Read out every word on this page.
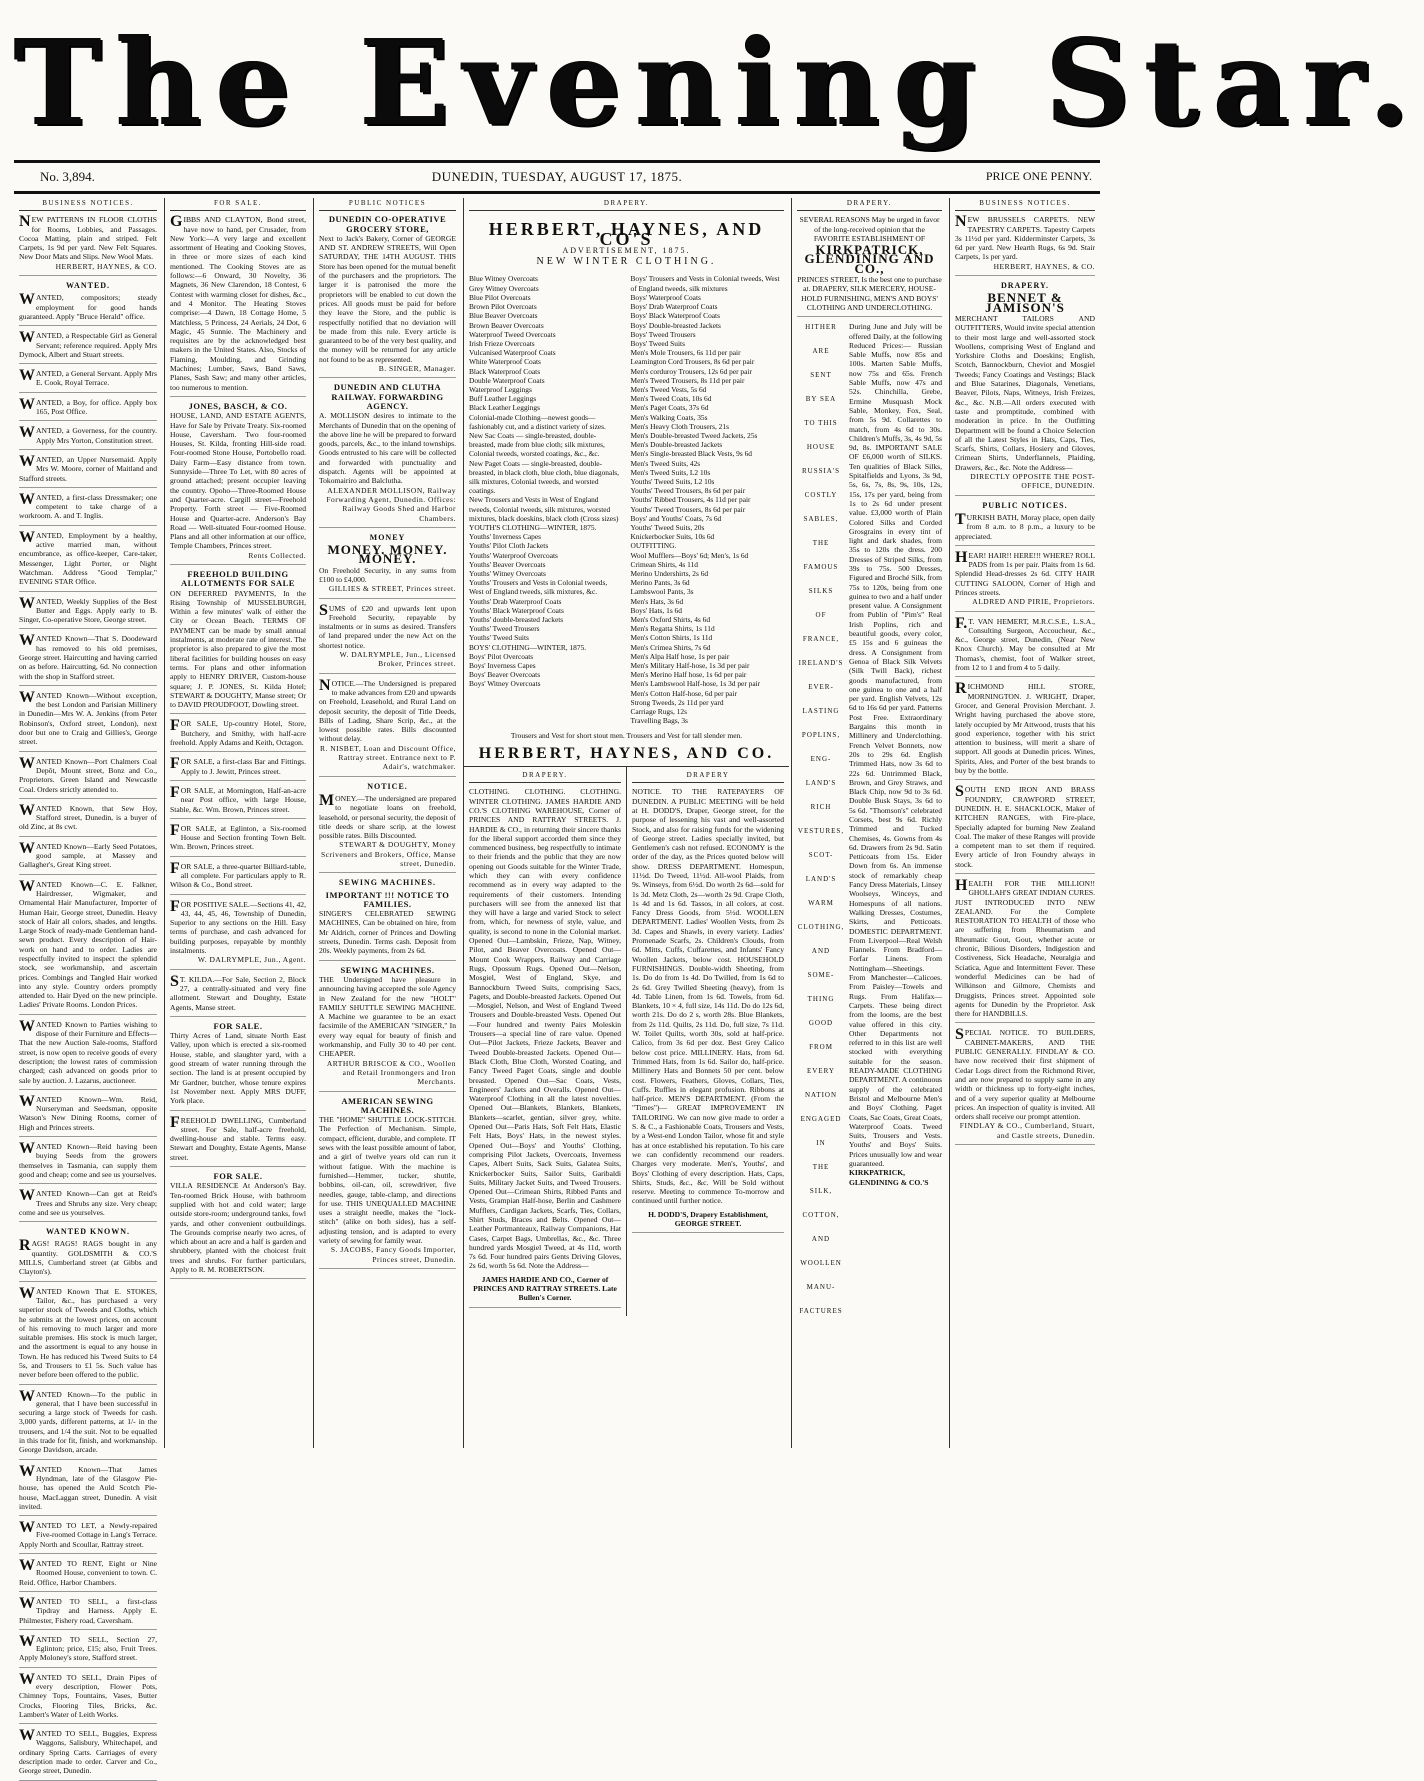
The Evening Star.
No. 3,894.	DUNEDIN, TUESDAY, AUGUST 17, 1875.	PRICE ONE PENNY.
BUSINESS NOTICES.
NEW PATTERNS IN FLOOR CLOTHS for Rooms, Lobbies, and Passages. Cocoa Matting, plain and striped. Felt Carpets, 1s 9d per yard. New Felt Squares. New Door Mats and Slips. New Wool Mats.
HERBERT, HAYNES, & CO.
WANTED.
WANTED, compositors; steady employment for good hands guaranteed. Apply "Bruce Herald" office.
WANTED, a Respectable Girl as General Servant; reference required. Apply Mrs Dymock, Albert and Stuart streets.
WANTED, a General Servant. Apply Mrs E. Cook, Royal Terrace.
WANTED, a Boy, for office. Apply box 165, Post Office.
WANTED, a Governess, for the country. Apply Mrs Yorton, Constitution street.
WANTED, an Upper Nursemaid. Apply Mrs W. Moore, corner of Maitland and Stafford streets.
WANTED, a first-class Dressmaker; one competent to take charge of a workroom. A. and T. Inglis.
WANTED, Employment by a healthy, active married man, without encumbrance, as office-keeper, Care-taker, Messenger, Light Porter, or Night Watchman. Address "Good Templar," EVENING STAR Office.
WANTED, Weekly Supplies of the Best Butter and Eggs. Apply early to B. Singer, Co-operative Store, George street.
WANTED Known—That S. Doodeward has removed to his old premises, George street. Haircutting and having carried on as before. Haircutting, 6d. No connection with the shop in Stafford street.
WANTED Known—Without exception, the best London and Parisian Millinery in Dunedin—Mrs W. A. Jenkins (from Peter Robinson's, Oxford street, London), next door but one to Craig and Gillies's, George street.
WANTED Known—Port Chalmers Coal Depôt, Mount street, Bonz and Co., Proprietors. Green Island and Newcastle Coal. Orders strictly attended to.
WANTED Known, that Sew Hoy, Stafford street, Dunedin, is a buyer of old Zinc, at 8s cwt.
WANTED Known—Early Seed Potatoes, good sample, at Massey and Gallagher's, Great King street.
WANTED Known—C. E. Falkner, Hairdresser, Wigmaker, and Ornamental Hair Manufacturer, Importer of Human Hair, George street, Dunedin. Heavy stock of Hair all colors, shades, and lengths. Large Stock of ready-made Gentleman hand-sewn product. Every description of Hair-work on hand and to order. Ladies are respectfully invited to inspect the splendid stock, see workmanship, and ascertain prices. Combings and Tangled Hair worked into any style. Country orders promptly attended to. Hair Dyed on the new principle. Ladies' Private Rooms. London Prices.
WANTED Known to Parties wishing to dispose of their Furniture and Effects—That the new Auction Sale-rooms, Stafford street, is now open to receive goods of every description; the lowest rates of commission charged; cash advanced on goods prior to sale by auction. J. Lazarus, auctioneer.
WANTED Known—Wm. Reid, Nurseryman and Seedsman, opposite Watson's New Dining Rooms, corner of High and Princes streets.
WANTED Known—Reid having been buying Seeds from the growers themselves in Tasmania, can supply them good and cheap; come and see us yourselves.
WANTED Known—Can get at Reid's Trees and Shrubs any size. Very cheap; come and see us yourselves.
WANTED KNOWN.
RAGS! RAGS! RAGS bought in any quantity. GOLDSMITH & CO.'S MILLS, Cumberland street (at Gibbs and Clayton's).
WANTED Known That E. STOKES, Tailor, &c., has purchased a very superior stock of Tweeds and Cloths, which he submits at the lowest prices, on account of his removing to much larger and more suitable premises. His stock is much larger, and the assortment is equal to any house in Town. He has reduced his Tweed Suits to £4 5s, and Trousers to £1 5s. Such value has never before been offered to the public.
WANTED Known—To the public in general, that I have been successful in securing a large stock of Tweeds for cash. 3,000 yards, different patterns, at 1/- in the trousers, and 1/4 the suit. Not to be equalled in this trade for fit, finish, and workmanship. George Davidson, arcade.
WANTED Known—That James Hyndman, late of the Glasgow Pie-house, has opened the Auld Scotch Pie-house, MacLaggan street, Dunedin. A visit invited.
WANTED TO LET, a Newly-repaired Five-roomed Cottage in Lang's Terrace. Apply North and Scoullar, Rattray street.
WANTED TO RENT, Eight or Nine Roomed House, convenient to town. C. Reid. Office, Harbor Chambers.
WANTED TO SELL, a first-class Tipdray and Harness. Apply E. Philmester, Fishery road, Caversham.
WANTED TO SELL, Section 27, Eglinton; price, £15; also, Fruit Trees. Apply Moloney's store, Stafford street.
WANTED TO SELL, Drain Pipes of every description, Flower Pots, Chimney Tops, Fountains, Vases, Butter Crocks, Flooring Tiles, Bricks, &c. Lambert's Water of Leith Works.
WANTED TO SELL, Buggies, Express Waggons, Salisbury, Whitechapel, and ordinary Spring Carts. Carriages of every description made to order. Carver and Co., George street, Dunedin.
FOR SALE.
GIBBS AND CLAYTON, Bond street, have now to hand, per Crusader, from New York:—A very large and excellent assortment of Heating and Cooking Stoves, in three or more sizes of each kind mentioned. The Cooking Stoves are as follows:—6 Onward, 30 Novelty, 36 Magnets, 36 New Clarendon, 18 Contest, 6 Contest with warming closet for dishes, &c., and 4 Monitor. The Heating Stoves comprise:—4 Dawn, 18 Cottage Home, 5 Matchless, 5 Princess, 24 Aerials, 24 Dot, 6 Magic, 45 Sunnie. The Machinery and requisites are by the acknowledged best makers in the United States. Also, Stocks of Flaming, Moulding, and Grinding Machines; Lumber, Saws, Band Saws, Planes, Sash Saw; and many other articles, too numerous to mention.
JONES, BASCH, & CO.
HOUSE, LAND, AND ESTATE AGENTS, Have for Sale by Private Treaty. Six-roomed House, Caversham. Two four-roomed Houses, St. Kilda, fronting Hill-side road. Four-roomed Stone House, Portobello road. Dairy Farm—Easy distance from town. Sunnyside—Three To Let, with 80 acres of ground attached; present occupier leaving the country. Opoho—Three-Roomed House and Quarter-acre. Cargill street—Freehold Property. Forth street — Five-Roomed House and Quarter-acre. Anderson's Bay Road — Well-situated Four-roomed House. Plans and all other information at our office, Temple Chambers, Princes street.
Rents Collected.
FREEHOLD BUILDING ALLOTMENTS FOR SALE
ON DEFERRED PAYMENTS, In the Rising Township of MUSSELBURGH, Within a few minutes' walk of either the City or Ocean Beach. TERMS OF PAYMENT can be made by small annual instalments, at moderate rate of interest. The proprietor is also prepared to give the most liberal facilities for building houses on easy terms. For plans and other information apply to HENRY DRIVER, Custom-house square; J. P. JONES, St. Kilda Hotel; STEWART & DOUGHTY, Manse street; Or to DAVID PROUDFOOT, Dowling street.
FOR SALE, Up-country Hotel, Store, Butchery, and Smithy, with half-acre freehold. Apply Adams and Keith, Octagon.
FOR SALE, a first-class Bar and Fittings. Apply to J. Jewitt, Princes street.
FOR SALE, at Mornington, Half-an-acre near Post office, with large House, Stable, &c. Wm. Brown, Princes street.
FOR SALE, at Eglinton, a Six-roomed House and Section fronting Town Belt. Wm. Brown, Princes street.
FOR SALE, a three-quarter Billiard-table, all complete. For particulars apply to R. Wilson & Co., Bond street.
FOR POSITIVE SALE.—Sections 41, 42, 43, 44, 45, 46, Township of Dunedin, Superior to any sections on the Hill. Easy terms of purchase, and cash advanced for building purposes, repayable by monthly instalments.
W. DALRYMPLE, Jun., Agent.
ST. KILDA.—For Sale, Section 2, Block 27, a centrally-situated and very fine allotment. Stewart and Doughty, Estate Agents, Manse street.
FOR SALE.
Thirty Acres of Land, situate North East Valley, upon which is erected a six-roomed House, stable, and slaughter yard, with a good stream of water running through the section. The land is at present occupied by Mr Gardner, butcher, whose tenure expires 1st November next. Apply MRS DUFF, York place.
FREEHOLD DWELLING, Cumberland street. For Sale, half-acre freehold, dwelling-house and stable. Terms easy. Stewart and Doughty, Estate Agents, Manse street.
FOR SALE.
VILLA RESIDENCE At Anderson's Bay. Ten-roomed Brick House, with bathroom supplied with hot and cold water; large outside store-room; underground tanks, fowl yards, and other convenient outbuildings. The Grounds comprise nearly two acres, of which about an acre and a half is garden and shrubbery, planted with the choicest fruit trees and shrubs. For further particulars, Apply to R. M. ROBERTSON.
PUBLIC NOTICES
DUNEDIN CO-OPERATIVE GROCERY STORE,
Next to Jack's Bakery, Corner of GEORGE AND ST. ANDREW STREETS, Will Open SATURDAY, THE 14TH AUGUST. THIS Store has been opened for the mutual benefit of the purchasers and the proprietors. The larger it is patronised the more the proprietors will be enabled to cut down the prices. All goods must be paid for before they leave the Store, and the public is respectfully notified that no deviation will be made from this rule. Every article is guaranteed to be of the very best quality, and the money will be returned for any article not found to be as represented.
B. SINGER, Manager.
DUNEDIN AND CLUTHA RAILWAY. FORWARDING AGENCY.
A. MOLLISON desires to intimate to the Merchants of Dunedin that on the opening of the above line he will be prepared to forward goods, parcels, &c., to the inland townships. Goods entrusted to his care will be collected and forwarded with punctuality and dispatch. Agents will be appointed at Tokomairiro and Balclutha.
ALEXANDER MOLLISON, Railway Forwarding Agent, Dunedin. Offices: Railway Goods Shed and Harbor Chambers.
MONEY
MONEY. MONEY. MONEY.
On Freehold Security, in any sums from £100 to £4,000.
GILLIES & STREET, Princes street.
SUMS of £20 and upwards lent upon Freehold Security, repayable by instalments or in sums as desired. Transfers of land prepared under the new Act on the shortest notice.
W. DALRYMPLE, Jun., Licensed Broker, Princes street.
NOTICE.—The Undersigned is prepared to make advances from £20 and upwards on Freehold, Leasehold, and Rural Land on deposit security, the deposit of Title Deeds, Bills of Lading, Share Scrip, &c., at the lowest possible rates. Bills discounted without delay.
R. NISBET, Loan and Discount Office, Rattray street. Entrance next to P. Adair's, watchmaker.
NOTICE.
MONEY.—The undersigned are prepared to negotiate loans on freehold, leasehold, or personal security, the deposit of title deeds or share scrip, at the lowest possible rates. Bills Discounted.
STEWART & DOUGHTY, Money Scriveners and Brokers, Office, Manse street, Dunedin.
SEWING MACHINES.
IMPORTANT !!! NOTICE TO FAMILIES.
SINGER'S CELEBRATED SEWING MACHINES, Can be obtained on hire, from Mr Aldrich, corner of Princes and Dowling streets, Dunedin. Terms cash. Deposit from 20s. Weekly payments, from 2s 6d.
SEWING MACHINES.
THE Undersigned have pleasure in announcing having accepted the sole Agency in New Zealand for the new "HOLT" FAMILY SHUTTLE SEWING MACHINE. A Machine we guarantee to be an exact facsimile of the AMERICAN "SINGER," In every way equal for beauty of finish and workmanship, and Fully 30 to 40 per cent. CHEAPER.
ARTHUR BRISCOE & CO., Woollen and Retail Ironmongers and Iron Merchants.
AMERICAN SEWING MACHINES.
THE "HOME" SHUTTLE LOCK-STITCH. The Perfection of Mechanism. Simple, compact, efficient, durable, and complete. IT sews with the least possible amount of labor, and a girl of twelve years old can run it without fatigue. With the machine is furnished—Hemmer, tucker, shuttle, bobbins, oil-can, oil, screwdriver, five needles, gauge, table-clamp, and directions for use. THIS UNEQUALLED MACHINE uses a straight needle, makes the "lock-stitch" (alike on both sides), has a self-adjusting tension, and is adapted to every variety of sewing for family wear.
S. JACOBS, Fancy Goods Importer, Princes street, Dunedin.
DRAPERY.
HERBERT, HAYNES, AND CO'S
ADVERTISEMENT, 1875.
NEW WINTER CLOTHING.
Blue Witney Overcoats
Grey Witney Overcoats
Blue Pilot Overcoats
Brown Pilot Overcoats
Blue Beaver Overcoats
Brown Beaver Overcoats
Waterproof Tweed Overcoats
Irish Frieze Overcoats
Vulcanised Waterproof Coats
White Waterproof Coats
Black Waterproof Coats
Double Waterproof Coats
Waterproof Leggings
Buff Leather Leggings
Black Leather Leggings
Colonial-made Clothing—newest goods—fashionably cut, and a distinct variety of sizes.
New Sac Coats — single-breasted, double-breasted, made from blue cloth; silk mixtures, Colonial tweeds, worsted coatings, &c., &c.
New Paget Coats — single-breasted, double-breasted, in black cloth, blue cloth, blue diagonals, silk mixtures, Colonial tweeds, and worsted coatings.
New Trousers and Vests in West of England tweeds, Colonial tweeds, silk mixtures, worsted mixtures, black doeskins, black cloth (Cross sizes)
YOUTH'S CLOTHING—WINTER, 1875.
Youths' Inverness Capes
Youths' Pilot Cloth Jackets
Youths' Waterproof Overcoats
Youths' Beaver Overcoats
Youths' Witney Overcoats
Youths' Trousers and Vests in Colonial tweeds, West of England tweeds, silk mixtures, &c.
Youths' Drab Waterproof Coats
Youths' Black Waterproof Coats
Youths' double-breasted Jackets
Youths' Tweed Trousers
Youths' Tweed Suits
BOYS' CLOTHING—WINTER, 1875.
Boys' Pilot Overcoats
Boys' Inverness Capes
Boys' Beaver Overcoats
Boys' Witney Overcoats
Boys' Trousers and Vests in Colonial tweeds, West of England tweeds, silk mixtures
Boys' Waterproof Coats
Boys' Drab Waterproof Coats
Boys' Black Waterproof Coats
Boys' Double-breasted Jackets
Boys' Tweed Trousers
Boys' Tweed Suits
Men's Mole Trousers, 6s 11d per pair
Leamington Cord Trousers, 8s 6d per pair
Men's corduroy Trousers, 12s 6d per pair
Men's Tweed Trousers, 8s 11d per pair
Men's Tweed Vests, 5s 6d
Men's Tweed Coats, 10s 6d
Men's Paget Coats, 37s 6d
Men's Walking Coats, 35s
Men's Heavy Cloth Trousers, 21s
Men's Double-breasted Tweed Jackets, 25s
Men's Double-breasted Jackets
Men's Single-breasted Black Vests, 9s 6d
Men's Tweed Suits, 42s
Men's Tweed Suits, L2 10s
Youths' Tweed Suits, L2 10s
Youths' Tweed Trousers, 8s 6d per pair
Youths' Ribbed Trousers, 4s 11d per pair
Youths' Tweed Trousers, 8s 6d per pair
Boys' and Youths' Coats, 7s 6d
Youths' Tweed Suits, 20s
Knickerbocker Suits, 10s 6d
OUTFITTING.
Wool Mufflers—Boys' 6d; Men's, 1s 6d
Crimean Shirts, 4s 11d
Merino Undershirts, 2s 6d
Merino Pants, 3s 6d
Lambswool Pants, 3s
Men's Hats, 3s 6d
Boys' Hats, 1s 6d
Men's Oxford Shirts, 4s 6d
Men's Regatta Shirts, 1s 11d
Men's Cotton Shirts, 1s 11d
Men's Crimea Shirts, 7s 6d
Men's Alpa Half hose, 1s per pair
Men's Military Half-hose, 1s 3d per pair
Men's Merino Half hose, 1s 6d per pair
Men's Lambswool Half-hose, 1s 3d per pair
Men's Cotton Half-hose, 6d per pair
Strong Tweeds, 2s 11d per yard
Carriage Rugs, 12s
Travelling Bags, 3s
Trousers and Vest for short stout men. Trousers and Vest for tall slender men.
HERBERT, HAYNES, AND CO.
DRAPERY.
CLOTHING. CLOTHING. CLOTHING. WINTER CLOTHING. JAMES HARDIE AND CO.'S CLOTHING WAREHOUSE, Corner of PRINCES AND RATTRAY STREETS. J. HARDIE & CO., in returning their sincere thanks for the liberal support accorded them since they commenced business, beg respectfully to intimate to their friends and the public that they are now opening out Goods suitable for the Winter Trade, which they can with every confidence recommend as in every way adapted to the requirements of their customers. Intending purchasers will see from the annexed list that they will have a large and varied Stock to select from, which, for newness of style, value, and quality, is second to none in the Colonial market. Opened Out—Lambskin, Frieze, Nap, Witney, Pilot, and Beaver Overcoats. Opened Out—Mount Cook Wrappers, Railway and Carriage Rugs, Opossum Rugs. Opened Out—Nelson, Mosgiel, West of England, Skye, and Bannockburn Tweed Suits, comprising Sacs, Pagets, and Double-breasted Jackets. Opened Out—Mosgiel, Nelson, and West of England Tweed Trousers and Double-breasted Vests. Opened Out—Four hundred and twenty Pairs Moleskin Trousers—a special line of rare value. Opened Out—Pilot Jackets, Frieze Jackets, Beaver and Tweed Double-breasted Jackets. Opened Out—Black Cloth, Blue Cloth, Worsted Coating, and Fancy Tweed Paget Coats, single and double breasted. Opened Out—Sac Coats, Vests, Engineers' Jackets and Overalls. Opened Out—Waterproof Clothing in all the latest novelties. Opened Out—Blankets, Blankets, Blankets, Blankets—scarlet, gentian, silver grey, white. Opened Out—Paris Hats, Soft Felt Hats, Elastic Felt Hats, Boys' Hats, in the newest styles. Opened Out—Boys' and Youths' Clothing, comprising Pilot Jackets, Overcoats, Inverness Capes, Albert Suits, Sack Suits, Galatea Suits, Knickerbocker Suits, Sailor Suits, Garibaldi Suits, Military Jacket Suits, and Tweed Trousers. Opened Out—Crimean Shirts, Ribbed Pants and Vests, Grampian Half-hose, Berlin and Cashmere Mufflers, Cardigan Jackets, Scarfs, Ties, Collars, Shirt Studs, Braces and Belts. Opened Out—Leather Portmanteaux, Railway Companions, Hat Cases, Carpet Bags, Umbrellas, &c., &c. Three hundred yards Mosgiel Tweed, at 4s 11d, worth 7s 6d. Four hundred pairs Gents Driving Gloves, 2s 6d, worth 5s 6d. Note the Address—
JAMES HARDIE AND CO., Corner of PRINCES AND RATTRAY STREETS. Late Bullen's Corner.
DRAPERY
NOTICE. TO THE RATEPAYERS OF DUNEDIN. A PUBLIC MEETING will be held at H. DODD'S, Draper, George street, for the purpose of lessening his vast and well-assorted Stock, and also for raising funds for the widening of George street. Ladies specially invited, but Gentlemen's cash not refused. ECONOMY is the order of the day, as the Prices quoted below will show. DRESS DEPARTMENT. Homespun, 11½d. Do Tweed, 11½d. All-wool Plaids, from 9s. Winseys, from 6½d. Do worth 2s 6d—sold for 1s 3d. Metz Cloth, 2s—worth 2s 9d. Crape Cloth, 1s 4d and 1s 6d. Tassos, in all colors, at cost. Fancy Dress Goods, from 5½d. WOOLLEN DEPARTMENT. Ladies' Woollen Vests, from 2s 3d. Capes and Shawls, in every variety. Ladies' Promenade Scarfs, 2s. Children's Clouds, from 6d. Mitts, Cuffs, Cuffarettes, and Infants' Fancy Woollen Jackets, below cost. HOUSEHOLD FURNISHINGS. Double-width Sheeting, from 1s. Do do from 1s 4d. Do Twilled, from 1s 6d to 2s 6d. Grey Twilled Sheeting (heavy), from 1s 4d. Table Linen, from 1s 6d. Towels, from 6d. Blankets, 10 × 4, full size, 14s 11d. Do do 12s 6d, worth 21s. Do do 2 s, worth 28s. Blue Blankets, from 2s 11d. Quilts, 2s 11d. Do, full size, 7s 11d. W. Toilet Quilts, worth 30s, sold at half-price. Calico, from 3s 6d per doz. Best Grey Calico below cost price. MILLINERY. Hats, from 6d. Trimmed Hats, from 1s 6d. Sailor do, half-price. Millinery Hats and Bonnets 50 per cent. below cost. Flowers, Feathers, Gloves, Collars, Ties, Cuffs. Ruffles in elegant profusion. Ribbons at half-price. MEN'S DEPARTMENT. (From the "Times")— GREAT IMPROVEMENT IN TAILORING. We can now give made to order a S. & C., a Fashionable Coats, Trousers and Vests, by a West-end London Tailor, whose fit and style has at once established his reputation. To his care we can confidently recommend our readers. Charges very moderate. Men's, Youths', and Boys' Clothing of every description. Hats, Caps, Shirts, Studs, &c., &c. Will be Sold without reserve. Meeting to commence To-morrow and continued until further notice.
H. DODD'S, Drapery Establishment, GEORGE STREET.
DRAPERY.
SEVERAL REASONS May be urged in favor of the long-received opinion that the FAVORITE ESTABLISHMENT OF
KIRKPATRICK, GLENDINING AND CO.,
PRINCES STREET, Is the best one to purchase at. DRAPERY, SILK MERCERY, HOUSE-HOLD FURNISHING, MEN'S AND BOYS' CLOTHING AND UNDERCLOTHING.
HITHER
ARE
SENT
BY SEA
TO THIS
HOUSE
RUSSIA'S
COSTLY
SABLES,
THE
FAMOUS
SILKS
OF
FRANCE,
IRELAND'S
EVER-
LASTING
POPLINS,
ENG-
LAND'S
RICH
VESTURES,
SCOT-
LAND'S
WARM
CLOTHING,
AND
SOME-
THING
GOOD
FROM
EVERY
NATION
ENGAGED
IN
THE
SILK,
COTTON,
AND
WOOLLEN
MANU-
FACTURES
During June and July will be offered Daily, at the following Reduced Prices:— Russian Sable Muffs, now 85s and 100s. Marten Sable Muffs, now 75s and 65s. French Sable Muffs, now 47s and 52s. Chinchilla, Grebe, Ermine Musquash Mock Sable, Monkey, Fox, Seal, from 5s 9d. Collarettes to match, from 4s 6d to 30s. Children's Muffs, 3s, 4s 9d, 5s 9d, 8s. IMPORTANT SALE OF £6,000 worth of SILKS. Ten qualities of Black Silks, Spitalfields and Lyons, 3s 9d, 5s, 6s, 7s, 8s, 9s, 10s, 12s, 15s, 17s per yard, being from 1s to 2s 6d under present value. £3,000 worth of Plain Colored Silks and Corded Grosgrains in every tint of light and dark shades, from 35s to 120s the dress. 200 Dresses of Striped Silks, from 39s to 75s. 500 Dresses, Figured and Broché Silk, from 75s to 120s, being from one guinea to two and a half under present value. A Consignment from Publin of "Pim's" Real Irish Poplins, rich and beautiful goods, every color, £5 15s and 6 guineas the dress. A Consignment from Genoa of Black Silk Velvets (Silk Twill Back), richest goods manufactured, from one guinea to one and a half per yard. English Velvets, 12s 6d to 16s 6d per yard. Patterns Post Free. Extraordinary Bargains this month in Millinery and Underclothing. French Velvet Bonnets, now 20s to 29s 6d. English Trimmed Hats, now 3s 6d to 22s 6d. Untrimmed Black, Brown, and Grey Straws, and Black Chip, now 9d to 3s 6d. Double Busk Stays, 3s 6d to 5s 6d. "Thomson's" celebrated Corsets, best 9s 6d. Richly Trimmed and Tucked Chemises, 4s. Gowns from 4s 6d. Drawers from 2s 9d. Satin Petticoats from 15s. Eider Down from 6s. An immense stock of remarkably cheap Fancy Dress Materials, Linsey Woolseys, Winceys, and Homespuns of all nations. Walking Dresses, Costumes, Skirts, and Petticoats. DOMESTIC DEPARTMENT. From Liverpool—Real Welsh Flannels. From Bradford—Forfar Linens. From Nottingham—Sheetings. From Manchester—Calicoes. From Paisley—Towels and Rugs. From Halifax—Carpets. These being direct from the looms, are the best value offered in this city. Other Departments not referred to in this list are well stocked with everything suitable for the season. READY-MADE CLOTHING DEPARTMENT. A continuous supply of the celebrated Bristol and Melbourne Men's and Boys' Clothing. Paget Coats, Sac Coats, Great Coats, Waterproof Coats. Tweed Suits, Trousers and Vests. Youths' and Boys' Suits. Prices unusually low and wear guaranteed.
KIRKPATRICK, GLENDINING & CO.'S
BUSINESS NOTICES.
NEW BRUSSELS CARPETS. NEW TAPESTRY CARPETS. Tapestry Carpets 3s 11½d per yard. Kidderminster Carpets, 3s 6d per yard. New Hearth Rugs, 6s 9d. Stair Carpets, 1s per yard.
HERBERT, HAYNES, & CO.
DRAPERY.
BENNET & JAMISON'S
MERCHANT TAILORS AND OUTFITTERS, Would invite special attention to their most large and well-assorted stock Woollens, comprising West of England and Yorkshire Cloths and Doeskins; English, Scotch, Bannockburn, Cheviot and Mosgiel Tweeds; Fancy Coatings and Vestings; Black and Blue Satarines, Diagonals, Venetians, Beaver, Pilots, Naps, Witneys, Irish Freizes, &c., &c. N.B.—All orders executed with taste and promptitude, combined with moderation in price. In the Outfitting Department will be found a Choice Selection of all the Latest Styles in Hats, Caps, Ties, Scarfs, Shirts, Collars, Hosiery and Gloves, Crimean Shirts, Underflannels, Plaiding, Drawers, &c., &c. Note the Address—
DIRECTLY OPPOSITE THE POST-OFFICE, DUNEDIN.
PUBLIC NOTICES.
TURKISH BATH, Moray place, open daily from 8 a.m. to 8 p.m., a luxury to be appreciated.
HEAR! HAIR!! HERE!!! WHERE? ROLL PADS from 1s per pair. Plaits from 1s 6d. Splendid Head-dresses 2s 6d. CITY HAIR CUTTING SALOON, Corner of High and Princes streets.
ALDRED AND PIRIE, Proprietors.
F.T. VAN HEMERT, M.R.C.S.E., L.S.A., Consulting Surgeon, Accoucheur, &c., &c., George street, Dunedin, (Near New Knox Church). May be consulted at Mr Thomas's, chemist, foot of Walker street, from 12 to 1 and from 4 to 5 daily.
RICHMOND HILL STORE, MORNINGTON. J. WRIGHT, Draper, Grocer, and General Provision Merchant. J. Wright having purchased the above store, lately occupied by Mr Attwood, trusts that his good experience, together with his strict attention to business, will merit a share of support. All goods at Dunedin prices. Wines, Spirits, Ales, and Porter of the best brands to buy by the bottle.
SOUTH END IRON AND BRASS FOUNDRY, CRAWFORD STREET, DUNEDIN. H. E. SHACKLOCK, Maker of KITCHEN RANGES, with Fire-place, Specially adapted for burning New Zealand Coal. The maker of these Ranges will provide a competent man to set them if required. Every article of Iron Foundry always in stock.
HEALTH FOR THE MILLION!! GHOLLAH'S GREAT INDIAN CURES. JUST INTRODUCED INTO NEW ZEALAND. For the Complete RESTORATION TO HEALTH of those who are suffering from Rheumatism and Rheumatic Gout, Gout, whether acute or chronic, Bilious Disorders, Indigestion and Costiveness, Sick Headache, Neuralgia and Sciatica, Ague and Intermittent Fever. These wonderful Medicines can be had of Wilkinson and Gilmore, Chemists and Druggists, Princes street. Appointed sole agents for Dunedin by the Proprietor. Ask there for HANDBILLS.
SPECIAL NOTICE. TO BUILDERS, CABINET-MAKERS, AND THE PUBLIC GENERALLY. FINDLAY & CO. have now received their first shipment of Cedar Logs direct from the Richmond River, and are now prepared to supply same in any width or thickness up to forty-eight inches, and of a very superior quality at Melbourne prices. An inspection of quality is invited. All orders shall receive our prompt attention.
FINDLAY & CO., Cumberland, Stuart, and Castle streets, Dunedin.
